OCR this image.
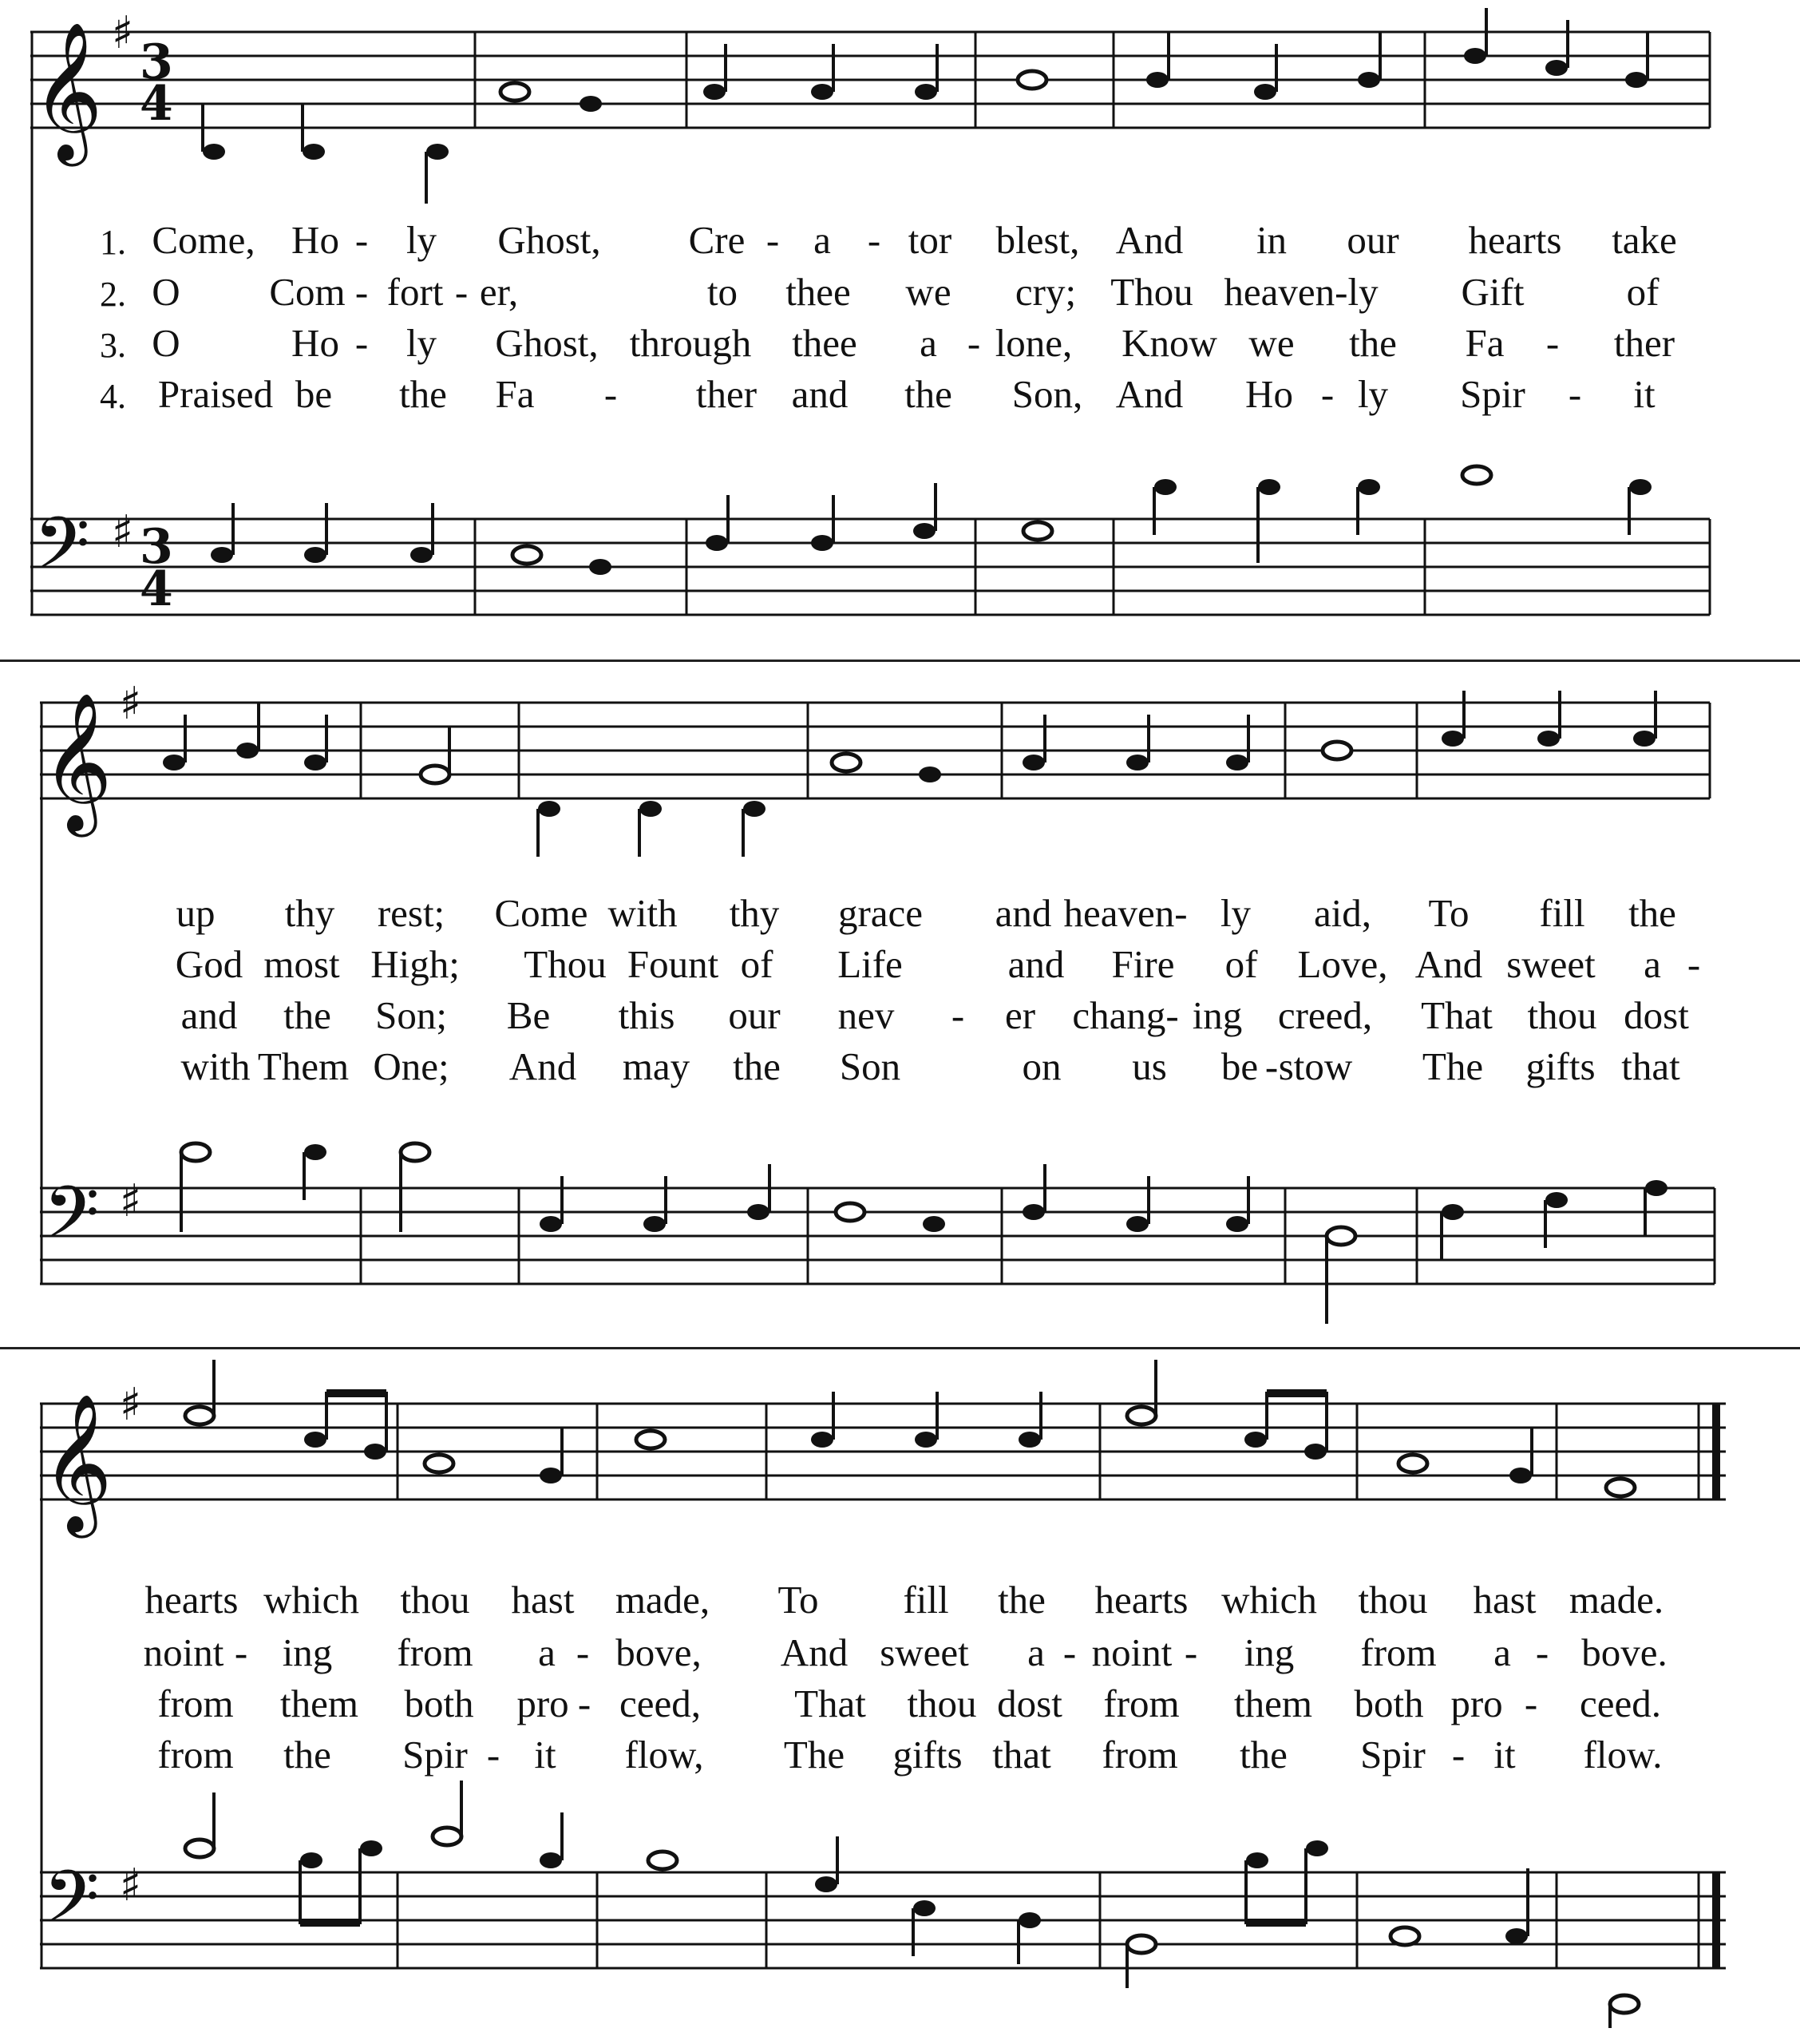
𝄞 ♯
3
4
𝄢 ♯ 3
4
1. Come, Ho - ly Ghost, Cre - a - tor blest, And in our hearts take
2. O Com - fort - er,	to thee we cry; Thou heaven-ly Gift	of
3. O	Ho - ly Ghost, through thee a - lone, Know we the Fa - ther
4. Praised be the Fa - ther and the Son, And Ho - ly Spir - it
𝄞 ♯
𝄢 ♯
up thy rest; Come with thy grace and heaven- ly aid, To fill the
God most High; Thou Fount of Life	and Fire of Love, And sweet a -
and the Son; Be this our nev - er chang- ing creed, That thou dost
with Them One; And may the Son	on us be - stow The gifts that
𝄞 ♯
𝄢 ♯
hearts which thou hast made, To fill the hearts which thou hast made.
noint - ing from a - bove, And sweet a - noint - ing from a - bove.
from them both pro - ceed, That thou dost from them both pro - ceed.
from the Spir - it flow, The gifts that from the Spir - it flow.
